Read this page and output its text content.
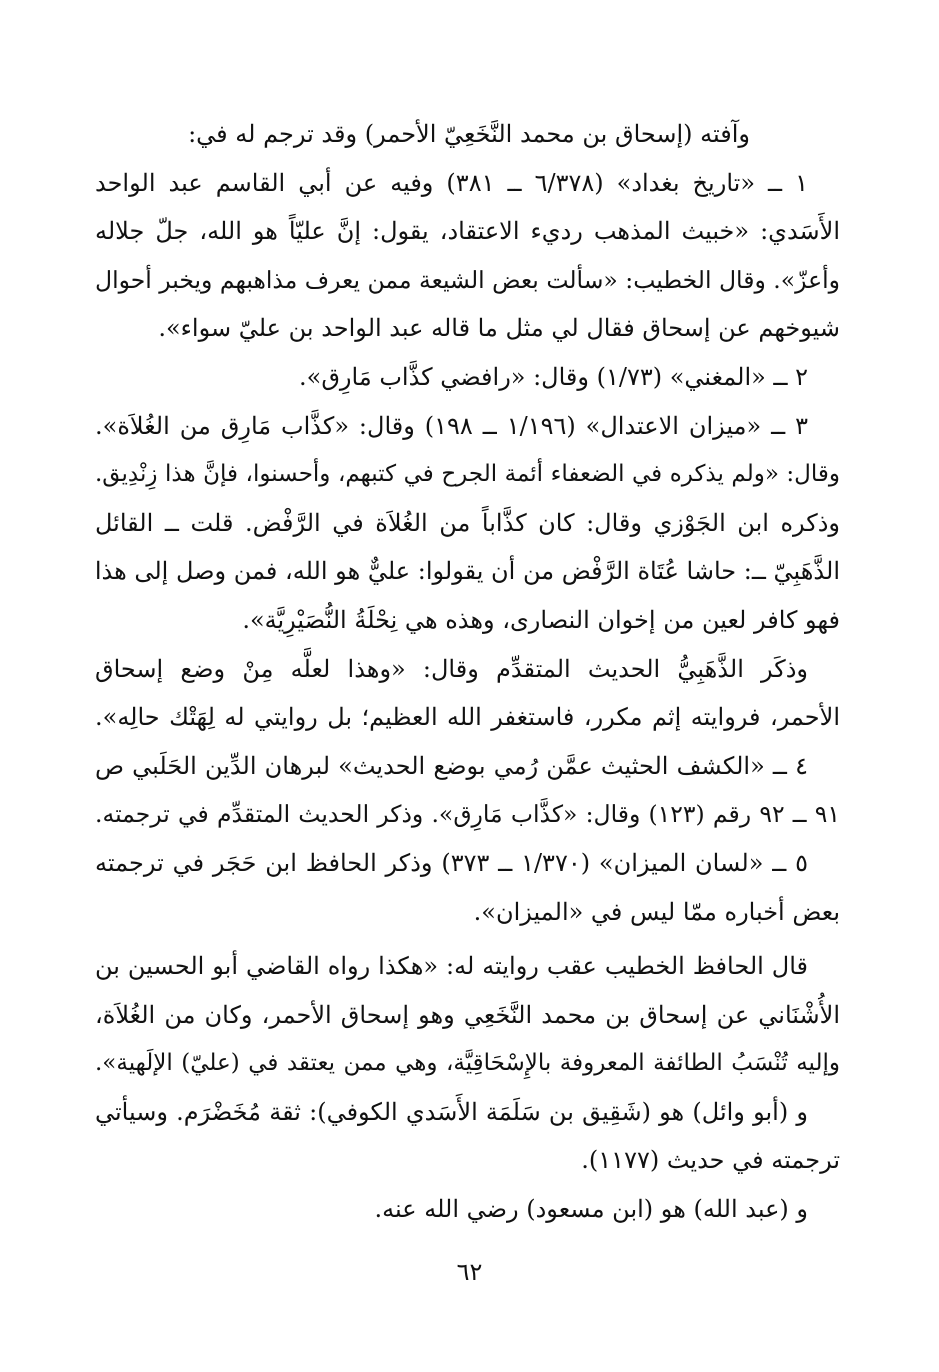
وآفته (إسحاق بن محمد النَّخَعِيّ الأحمر) وقد ترجم له في:
١ ــ «تاريخ بغداد» (٦/٣٧٨ ــ ٣٨١) وفيه عن أبي القاسم عبد الواحد
الأَسَدي: «خبيث المذهب رديء الاعتقاد، يقول: إنَّ عليّاً هو الله، جلّ جلاله
وأعزّ». وقال الخطيب: «سألت بعض الشيعة ممن يعرف مذاهبهم ويخبر أحوال
شيوخهم عن إسحاق فقال لي مثل ما قاله عبد الواحد بن عليّ سواء».
٢ ــ «المغني» (١/٧٣) وقال: «رافضي كذَّاب مَارِق».
٣ ــ «ميزان الاعتدال» (١/١٩٦ ــ ١٩٨) وقال: «كذَّاب مَارِق من الغُلاَة».
وقال: «ولم يذكره في الضعفاء أئمة الجرح في كتبهم، وأحسنوا، فإنَّ هذا زِنْدِيق.
وذكره ابن الجَوْزي وقال: كان كذَّاباً من الغُلاَة في الرَّفْض. قلت ــ القائل
الذَّهَبِيّ ــ: حاشا عُتَاة الرَّفْض من أن يقولوا: عليٌّ هو الله، فمن وصل إلى هذا
فهو كافر لعين من إخوان النصارى، وهذه هي نِحْلَةُ النُّصَيْرِيَّة».
وذكَر الذَّهَبِيُّ الحديث المتقدِّم وقال: «وهذا لعلَّه مِنْ وضع إسحاق
الأحمر، فروايته إثم مكرر، فاستغفر الله العظيم؛ بل روايتي له لِهَتْك حالِه».
٤ ــ «الكشف الحثيث عمَّن رُمي بوضع الحديث» لبرهان الدِّين الحَلَبي ص
٩١ ــ ٩٢ رقم (١٢٣) وقال: «كذَّاب مَارِق». وذكر الحديث المتقدِّم في ترجمته.
٥ ــ «لسان الميزان» (١/٣٧٠ ــ ٣٧٣) وذكر الحافظ ابن حَجَر في ترجمته
بعض أخباره ممّا ليس في «الميزان».
قال الحافظ الخطيب عقب روايته له: «هكذا رواه القاضي أبو الحسين بن
الأُشْنَاني عن إسحاق بن محمد النَّخَعِي وهو إسحاق الأحمر، وكان من الغُلاَة،
وإليه تُنْسَبُ الطائفة المعروفة بالإِسْحَاقِيَّة، وهي ممن يعتقد في (عليّ) الإلَهية».
و (أبو وائل) هو (شَقِيق بن سَلَمَة الأَسَدي الكوفي): ثقة مُخَضْرَم. وسيأتي
ترجمته في حديث (١١٧٧).
و (عبد الله) هو (ابن مسعود) رضي الله عنه.
٦٢
